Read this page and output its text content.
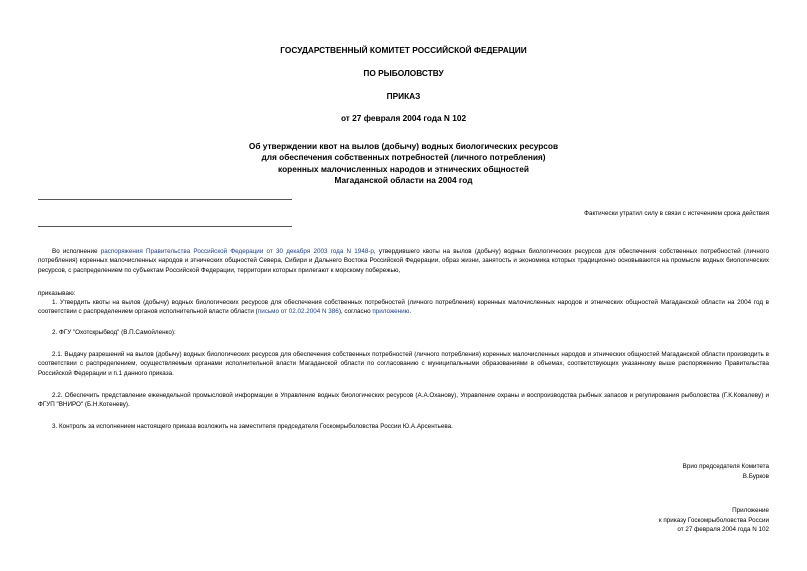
ГОСУДАРСТВЕННЫЙ КОМИТЕТ РОССИЙСКОЙ ФЕДЕРАЦИИ
ПО РЫБОЛОВСТВУ
ПРИКАЗ
от 27 февраля 2004 года N 102
Об утверждении квот на вылов (добычу) водных биологических ресурсов
для обеспечения собственных потребностей (личного потребления)
коренных малочисленных народов и этнических общностей
Магаданской области на 2004 год
Фактически утратил силу в связи с истечением срока действия
Во исполнение распоряжения Правительства Российской Федерации от 30 декабря 2003 года N 1948-р, утвердившего квоты на вылов (добычу) водных биологических ресурсов для обеспечения собственных потребностей (личного потребления) коренных малочисленных народов и этнических общностей Севера, Сибири и Дальнего Востока Российской Федерации, образ жизни, занятость и экономика которых традиционно основываются на промысле водных биологических ресурсов, с распределением по субъектам Российской Федерации, территории которых прилегают к морскому побережью,
приказываю:
1. Утвердить квоты на вылов (добычу) водных биологических ресурсов для обеспечения собственных потребностей (личного потребления) коренных малочисленных народов и этнических общностей Магаданской области на 2004 год в соответствии с распределением органов исполнительной власти области (письмо от 02.02.2004 N 386), согласно приложению.
2. ФГУ "Охотскрыбвод" (В.П.Самойленко):
2.1. Выдачу разрешений на вылов (добычу) водных биологических ресурсов для обеспечения собственных потребностей (личного потребления) коренных малочисленных народов и этнических общностей Магаданской области производить в соответствии с распределением, осуществляемым органами исполнительной власти Магаданской области по согласованию с муниципальными образованиями в объемах, соответствующих указанному выше распоряжению Правительства Российской Федерации и п.1 данного приказа.
2.2. Обеспечить представление еженедельной промысловой информации в Управление водных биологических ресурсов (А.А.Оханову), Управление охраны и воспроизводства рыбных запасов и регулирования рыболовства (Г.К.Ковалеву) и ФГУП "ВНИРО" (Б.Н.Котеневу).
3. Контроль за исполнением настоящего приказа возложить на заместителя председателя Госкомрыболовства России Ю.А.Арсентьева.
Врио председателя Комитета
В.Бурков
Приложение
к приказу Госкомрыболовства России
от 27 февраля 2004 года N 102
